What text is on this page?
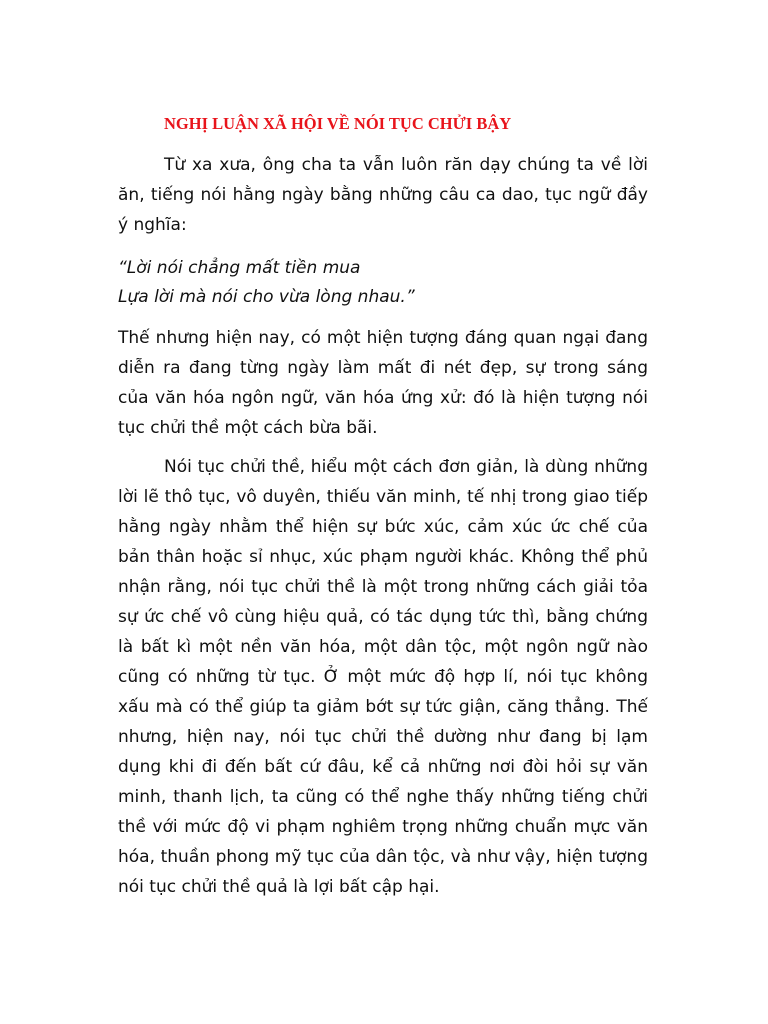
NGHỊ LUẬN XÃ HỘI VỀ NÓI TỤC CHỬI BẬY

Từ xa xưa, ông cha ta vẫn luôn răn dạy chúng ta về lời ăn, tiếng nói hằng ngày bằng những câu ca dao, tục ngữ đầy ý nghĩa:

“Lời nói chẳng mất tiền mua
Lựa lời mà nói cho vừa lòng nhau.”

Thế nhưng hiện nay, có một hiện tượng đáng quan ngại đang diễn ra đang từng ngày làm mất đi nét đẹp, sự trong sáng của văn hóa ngôn ngữ, văn hóa ứng xử: đó là hiện tượng nói tục chửi thề một cách bừa bãi.

Nói tục chửi thề, hiểu một cách đơn giản, là dùng những lời lẽ thô tục, vô duyên, thiếu văn minh, tế nhị trong giao tiếp hằng ngày nhằm thể hiện sự bức xúc, cảm xúc ức chế của bản thân hoặc sỉ nhục, xúc phạm người khác. Không thể phủ nhận rằng, nói tục chửi thề là một trong những cách giải tỏa sự ức chế vô cùng hiệu quả, có tác dụng tức thì, bằng chứng là bất kì một nền văn hóa, một dân tộc, một ngôn ngữ nào cũng có những từ tục. Ở một mức độ hợp lí, nói tục không xấu mà có thể giúp ta giảm bớt sự tức giận, căng thẳng. Thế nhưng, hiện nay, nói tục chửi thề dường như đang bị lạm dụng khi đi đến bất cứ đâu, kể cả những nơi đòi hỏi sự văn minh, thanh lịch, ta cũng có thể nghe thấy những tiếng chửi thề với mức độ vi phạm nghiêm trọng những chuẩn mực văn hóa, thuần phong mỹ tục của dân tộc, và như vậy, hiện tượng nói tục chửi thề quả là lợi bất cập hại.
